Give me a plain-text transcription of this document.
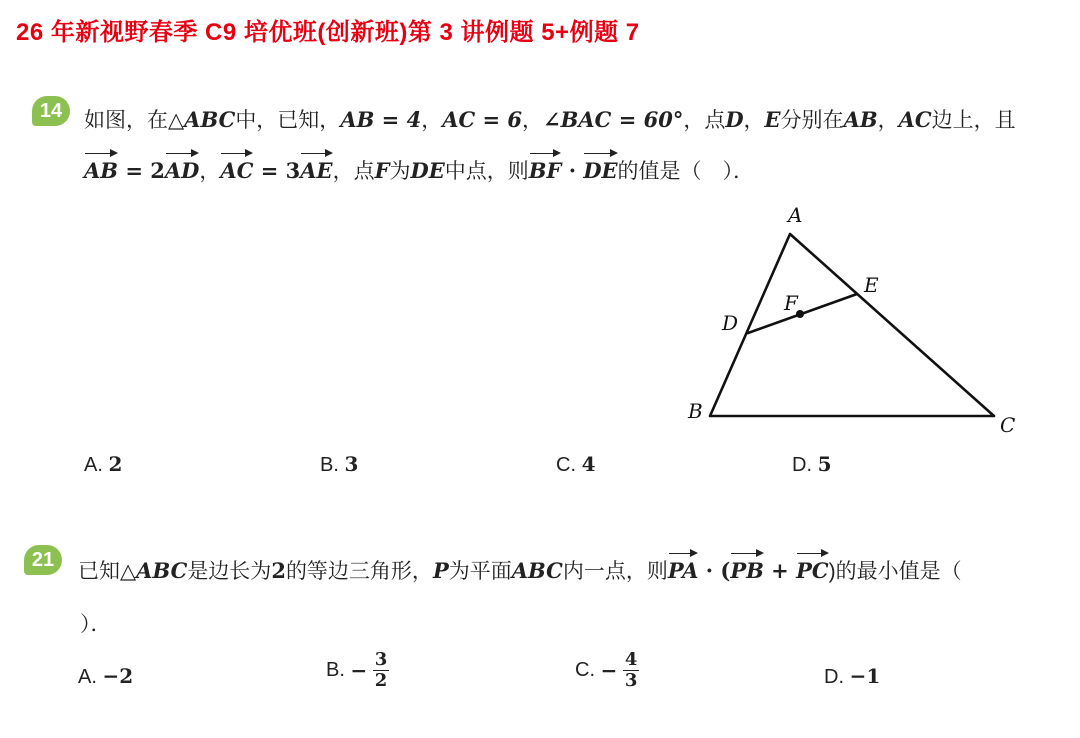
26 年新视野春季 C9 培优班(创新班)第 3 讲例题 5+例题 7
14	如图，在△ABC中，已知，AB = 4，AC = 6，∠BAC = 60°，点D，E分别在AB，AC边上，且
AB = 2AD，AC = 3AE，点F为DE中点，则BF · DE的值是（　）．
A
B
C
D
E
F
A. 2	B. 3	C. 4	D. 5
21
已知△ABC是边长为2的等边三角形，P为平面ABC内一点，则PA · (PB + PC)的最小值是（
）．
A. −2	B. − $\frac{3}{2}$	C. − $\frac{4}{3}$	D. −1
